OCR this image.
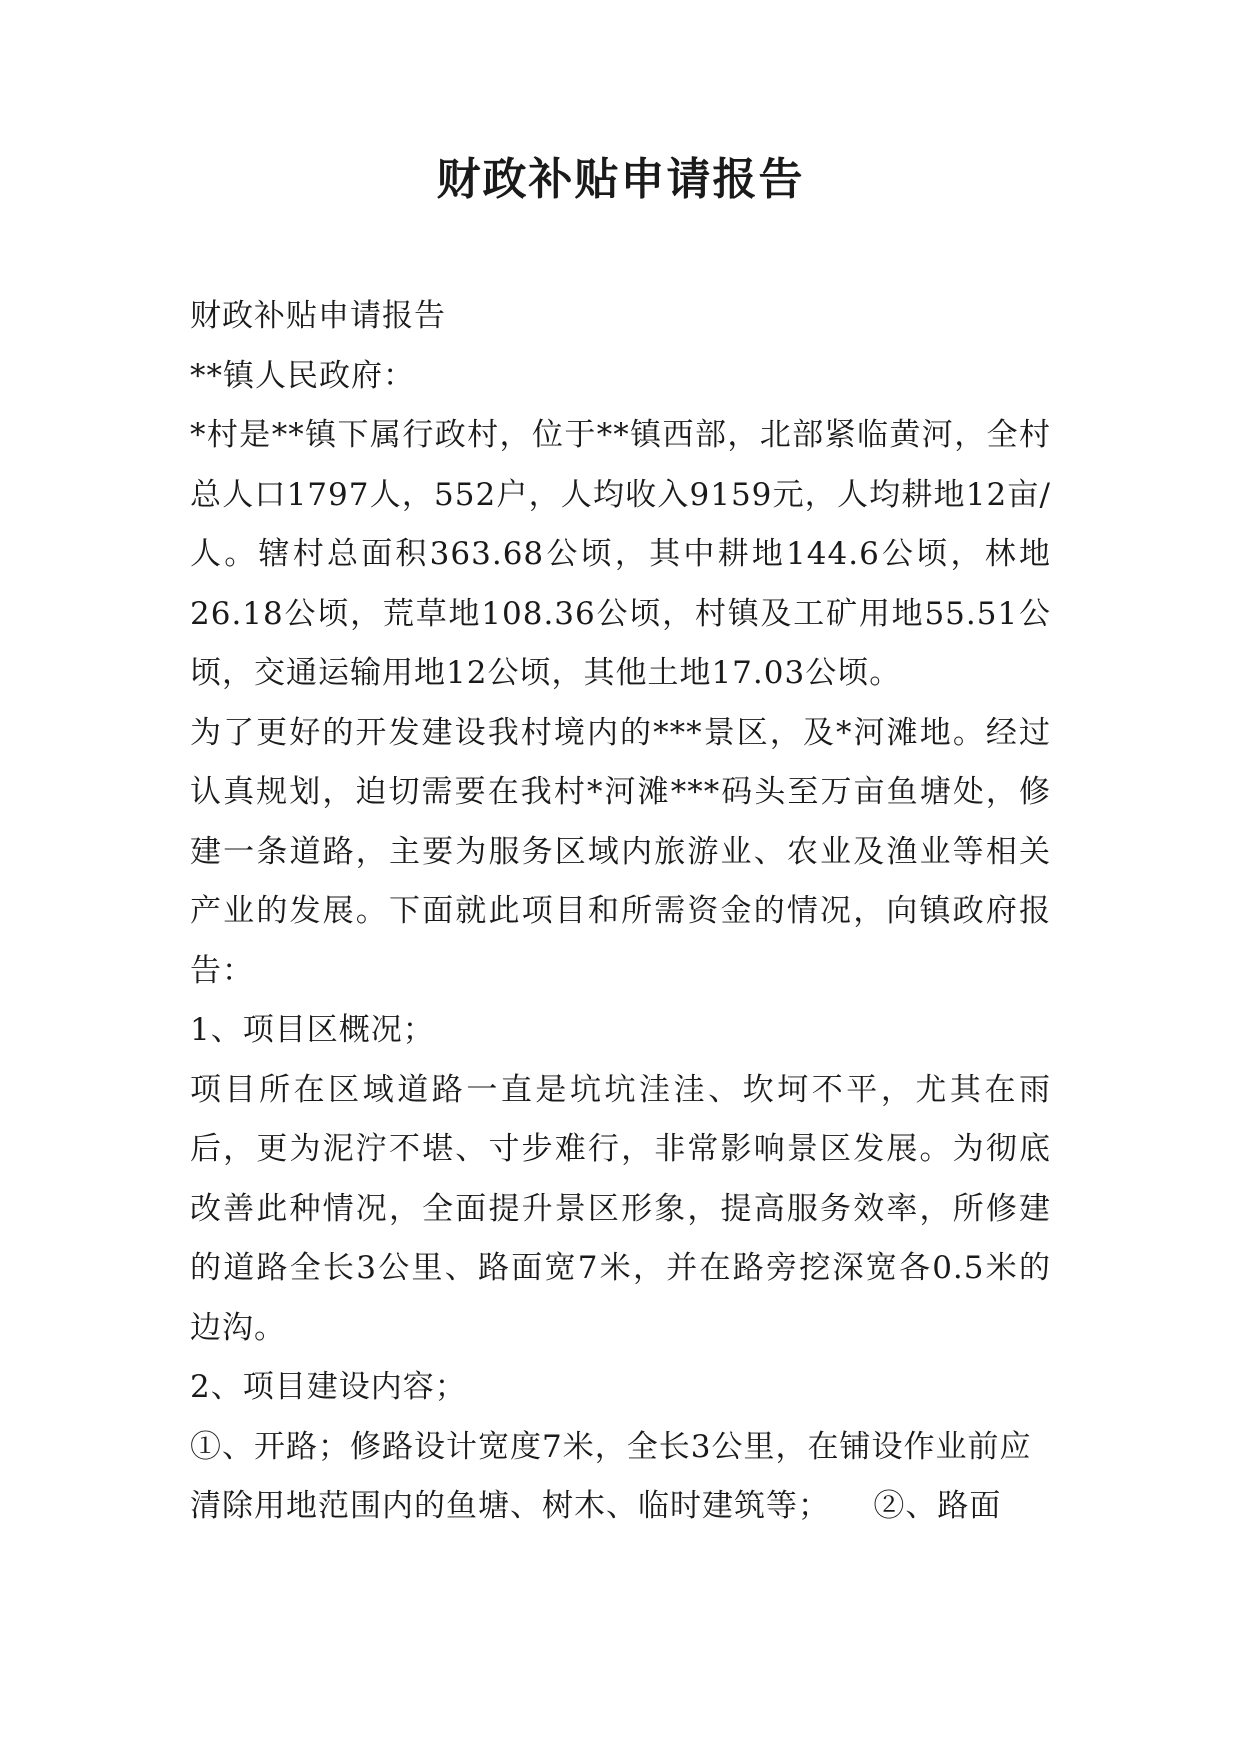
财政补贴申请报告

财政补贴申请报告

**镇人民政府：

*村是**镇下属行政村，位于**镇西部，北部紧临黄河，全村总人口1797人，552户，人均收入9159元，人均耕地12亩/人。辖村总面积363.68公顷，其中耕地144.6公顷，林地26.18公顷，荒草地108.36公顷，村镇及工矿用地55.51公顷，交通运输用地12公顷，其他土地17.03公顷。

为了更好的开发建设我村境内的***景区，及*河滩地。经过认真规划，迫切需要在我村*河滩***码头至万亩鱼塘处，修建一条道路，主要为服务区域内旅游业、农业及渔业等相关产业的发展。下面就此项目和所需资金的情况，向镇政府报告：

1、项目区概况；

项目所在区域道路一直是坑坑洼洼、坎坷不平，尤其在雨后，更为泥泞不堪、寸步难行，非常影响景区发展。为彻底改善此种情况，全面提升景区形象，提高服务效率，所修建的道路全长3公里、路面宽7米，并在路旁挖深宽各0.5米的边沟。

2、项目建设内容；

①、开路；修路设计宽度7米，全长3公里，在铺设作业前应

清除用地范围内的鱼塘、树木、临时建筑等；    ②、路面
